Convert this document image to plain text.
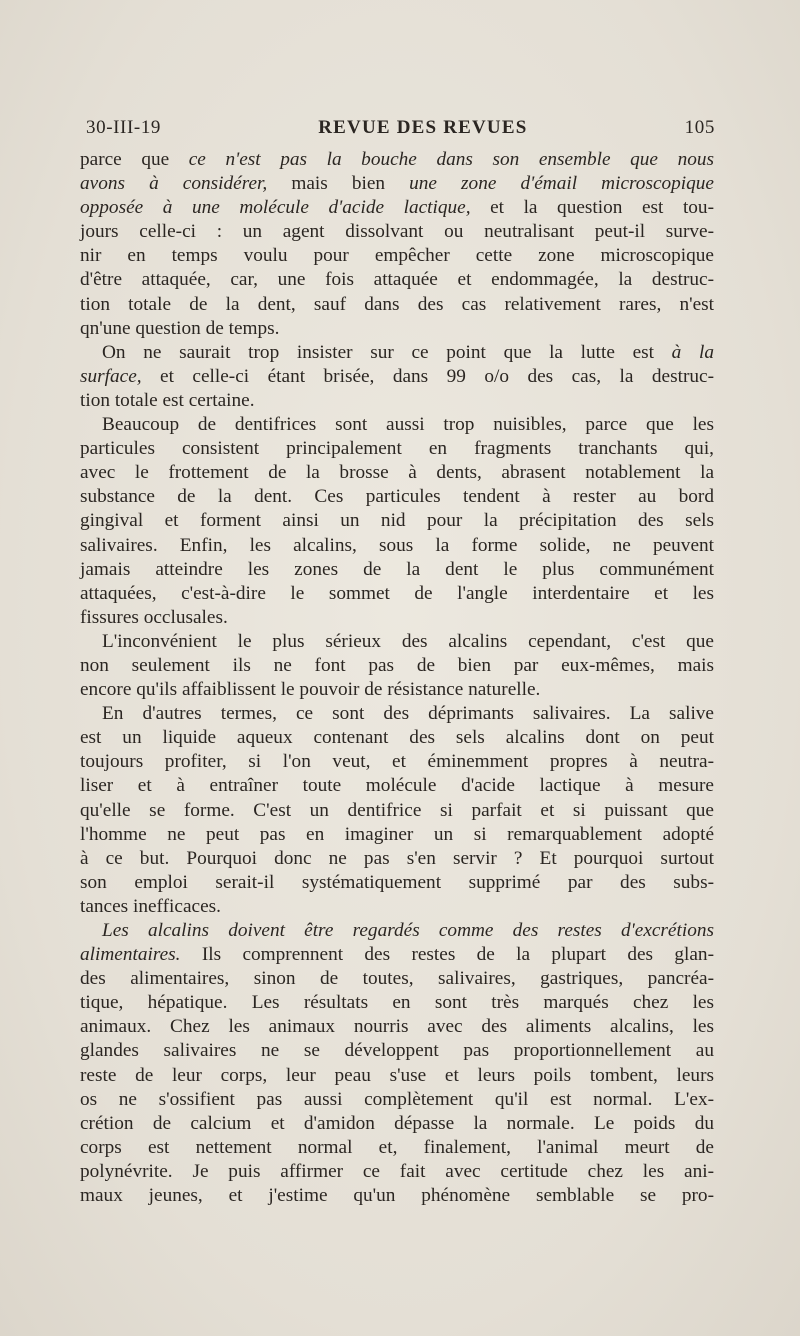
30-III-19	REVUE DES REVUES	105
parce que ce n'est pas la bouche dans son ensemble que nous
avons à considérer, mais bien une zone d'émail microscopique
opposée à une molécule d'acide lactique, et la question est tou-
jours celle-ci : un agent dissolvant ou neutralisant peut-il surve-
nir en temps voulu pour empêcher cette zone microscopique
d'être attaquée, car, une fois attaquée et endommagée, la destruc-
tion totale de la dent, sauf dans des cas relativement rares, n'est
qn'une question de temps.
On ne saurait trop insister sur ce point que la lutte est à la
surface, et celle-ci étant brisée, dans 99 o/o des cas, la destruc-
tion totale est certaine.
Beaucoup de dentifrices sont aussi trop nuisibles, parce que les
particules consistent principalement en fragments tranchants qui,
avec le frottement de la brosse à dents, abrasent notablement la
substance de la dent. Ces particules tendent à rester au bord
gingival et forment ainsi un nid pour la précipitation des sels
salivaires. Enfin, les alcalins, sous la forme solide, ne peuvent
jamais atteindre les zones de la dent le plus communément
attaquées, c'est-à-dire le sommet de l'angle interdentaire et les
fissures occlusales.
L'inconvénient le plus sérieux des alcalins cependant, c'est que
non seulement ils ne font pas de bien par eux-mêmes, mais
encore qu'ils affaiblissent le pouvoir de résistance naturelle.
En d'autres termes, ce sont des déprimants salivaires. La salive
est un liquide aqueux contenant des sels alcalins dont on peut
toujours profiter, si l'on veut, et éminemment propres à neutra-
liser et à entraîner toute molécule d'acide lactique à mesure
qu'elle se forme. C'est un dentifrice si parfait et si puissant que
l'homme ne peut pas en imaginer un si remarquablement adopté
à ce but. Pourquoi donc ne pas s'en servir ? Et pourquoi surtout
son emploi serait-il systématiquement supprimé par des subs-
tances inefficaces.
Les alcalins doivent être regardés comme des restes d'excrétions
alimentaires. Ils comprennent des restes de la plupart des glan-
des alimentaires, sinon de toutes, salivaires, gastriques, pancréa-
tique, hépatique. Les résultats en sont très marqués chez les
animaux. Chez les animaux nourris avec des aliments alcalins, les
glandes salivaires ne se développent pas proportionnellement au
reste de leur corps, leur peau s'use et leurs poils tombent, leurs
os ne s'ossifient pas aussi complètement qu'il est normal. L'ex-
crétion de calcium et d'amidon dépasse la normale. Le poids du
corps est nettement normal et, finalement, l'animal meurt de
polynévrite. Je puis affirmer ce fait avec certitude chez les ani-
maux jeunes, et j'estime qu'un phénomène semblable se pro-
